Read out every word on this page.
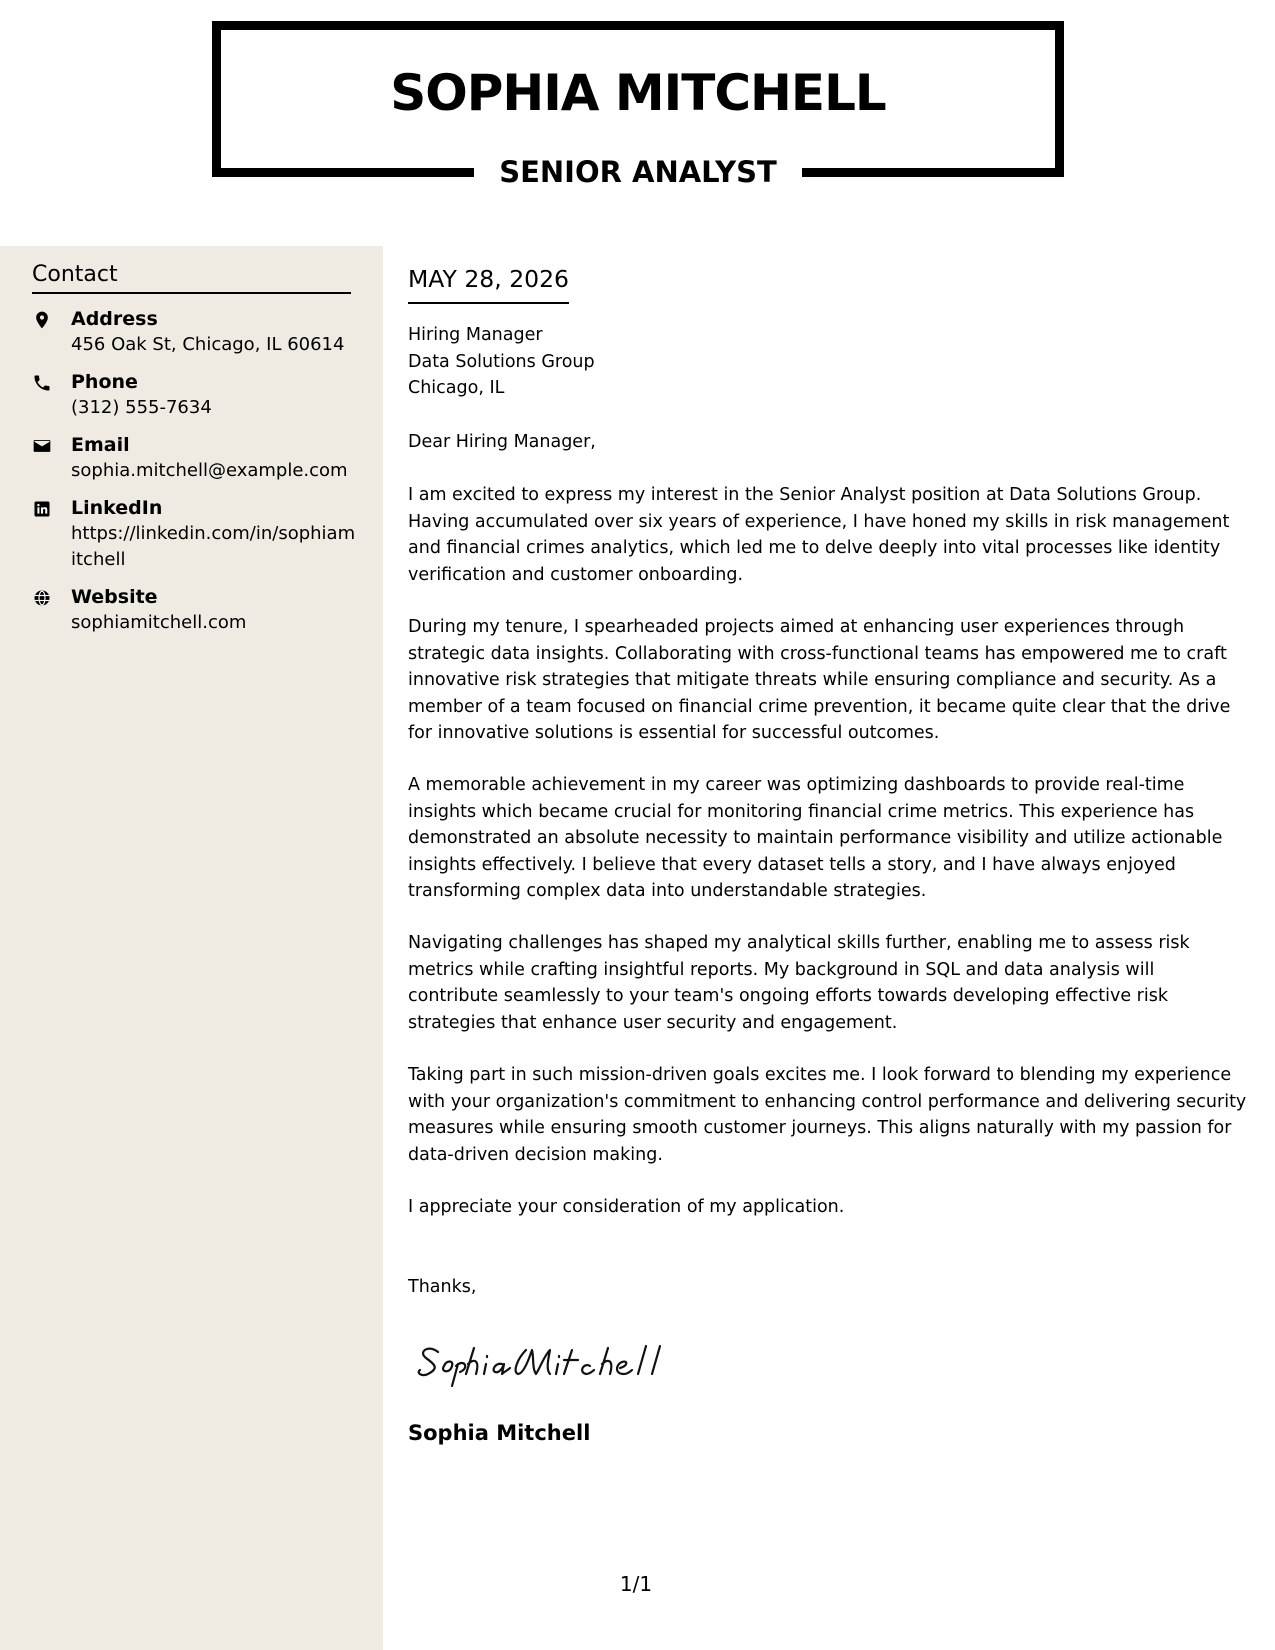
SOPHIA MITCHELL
SENIOR ANALYST
Contact
Address
456 Oak St, Chicago, IL 60614
Phone
(312) 555-7634
Email
sophia.mitchell@example.com
LinkedIn
https://linkedin.com/in/sophiamitchell
Website
sophiamitchell.com
MAY 28, 2026
Hiring Manager
Data Solutions Group
Chicago, IL
Dear Hiring Manager,

I am excited to express my interest in the Senior Analyst position at Data Solutions Group. Having accumulated over six years of experience, I have honed my skills in risk management and financial crimes analytics, which led me to delve deeply into vital processes like identity verification and customer onboarding.

During my tenure, I spearheaded projects aimed at enhancing user experiences through strategic data insights. Collaborating with cross-functional teams has empowered me to craft innovative risk strategies that mitigate threats while ensuring compliance and security. As a member of a team focused on financial crime prevention, it became quite clear that the drive for innovative solutions is essential for successful outcomes.

A memorable achievement in my career was optimizing dashboards to provide real-time insights which became crucial for monitoring financial crime metrics. This experience has demonstrated an absolute necessity to maintain performance visibility and utilize actionable insights effectively. I believe that every dataset tells a story, and I have always enjoyed transforming complex data into understandable strategies.

Navigating challenges has shaped my analytical skills further, enabling me to assess risk metrics while crafting insightful reports. My background in SQL and data analysis will contribute seamlessly to your team's ongoing efforts towards developing effective risk strategies that enhance user security and engagement.

Taking part in such mission-driven goals excites me. I look forward to blending my experience with your organization's commitment to enhancing control performance and delivering security measures while ensuring smooth customer journeys. This aligns naturally with my passion for data-driven decision making.

I appreciate your consideration of my application.

Thanks,
Sophia Mitchell
1/1
